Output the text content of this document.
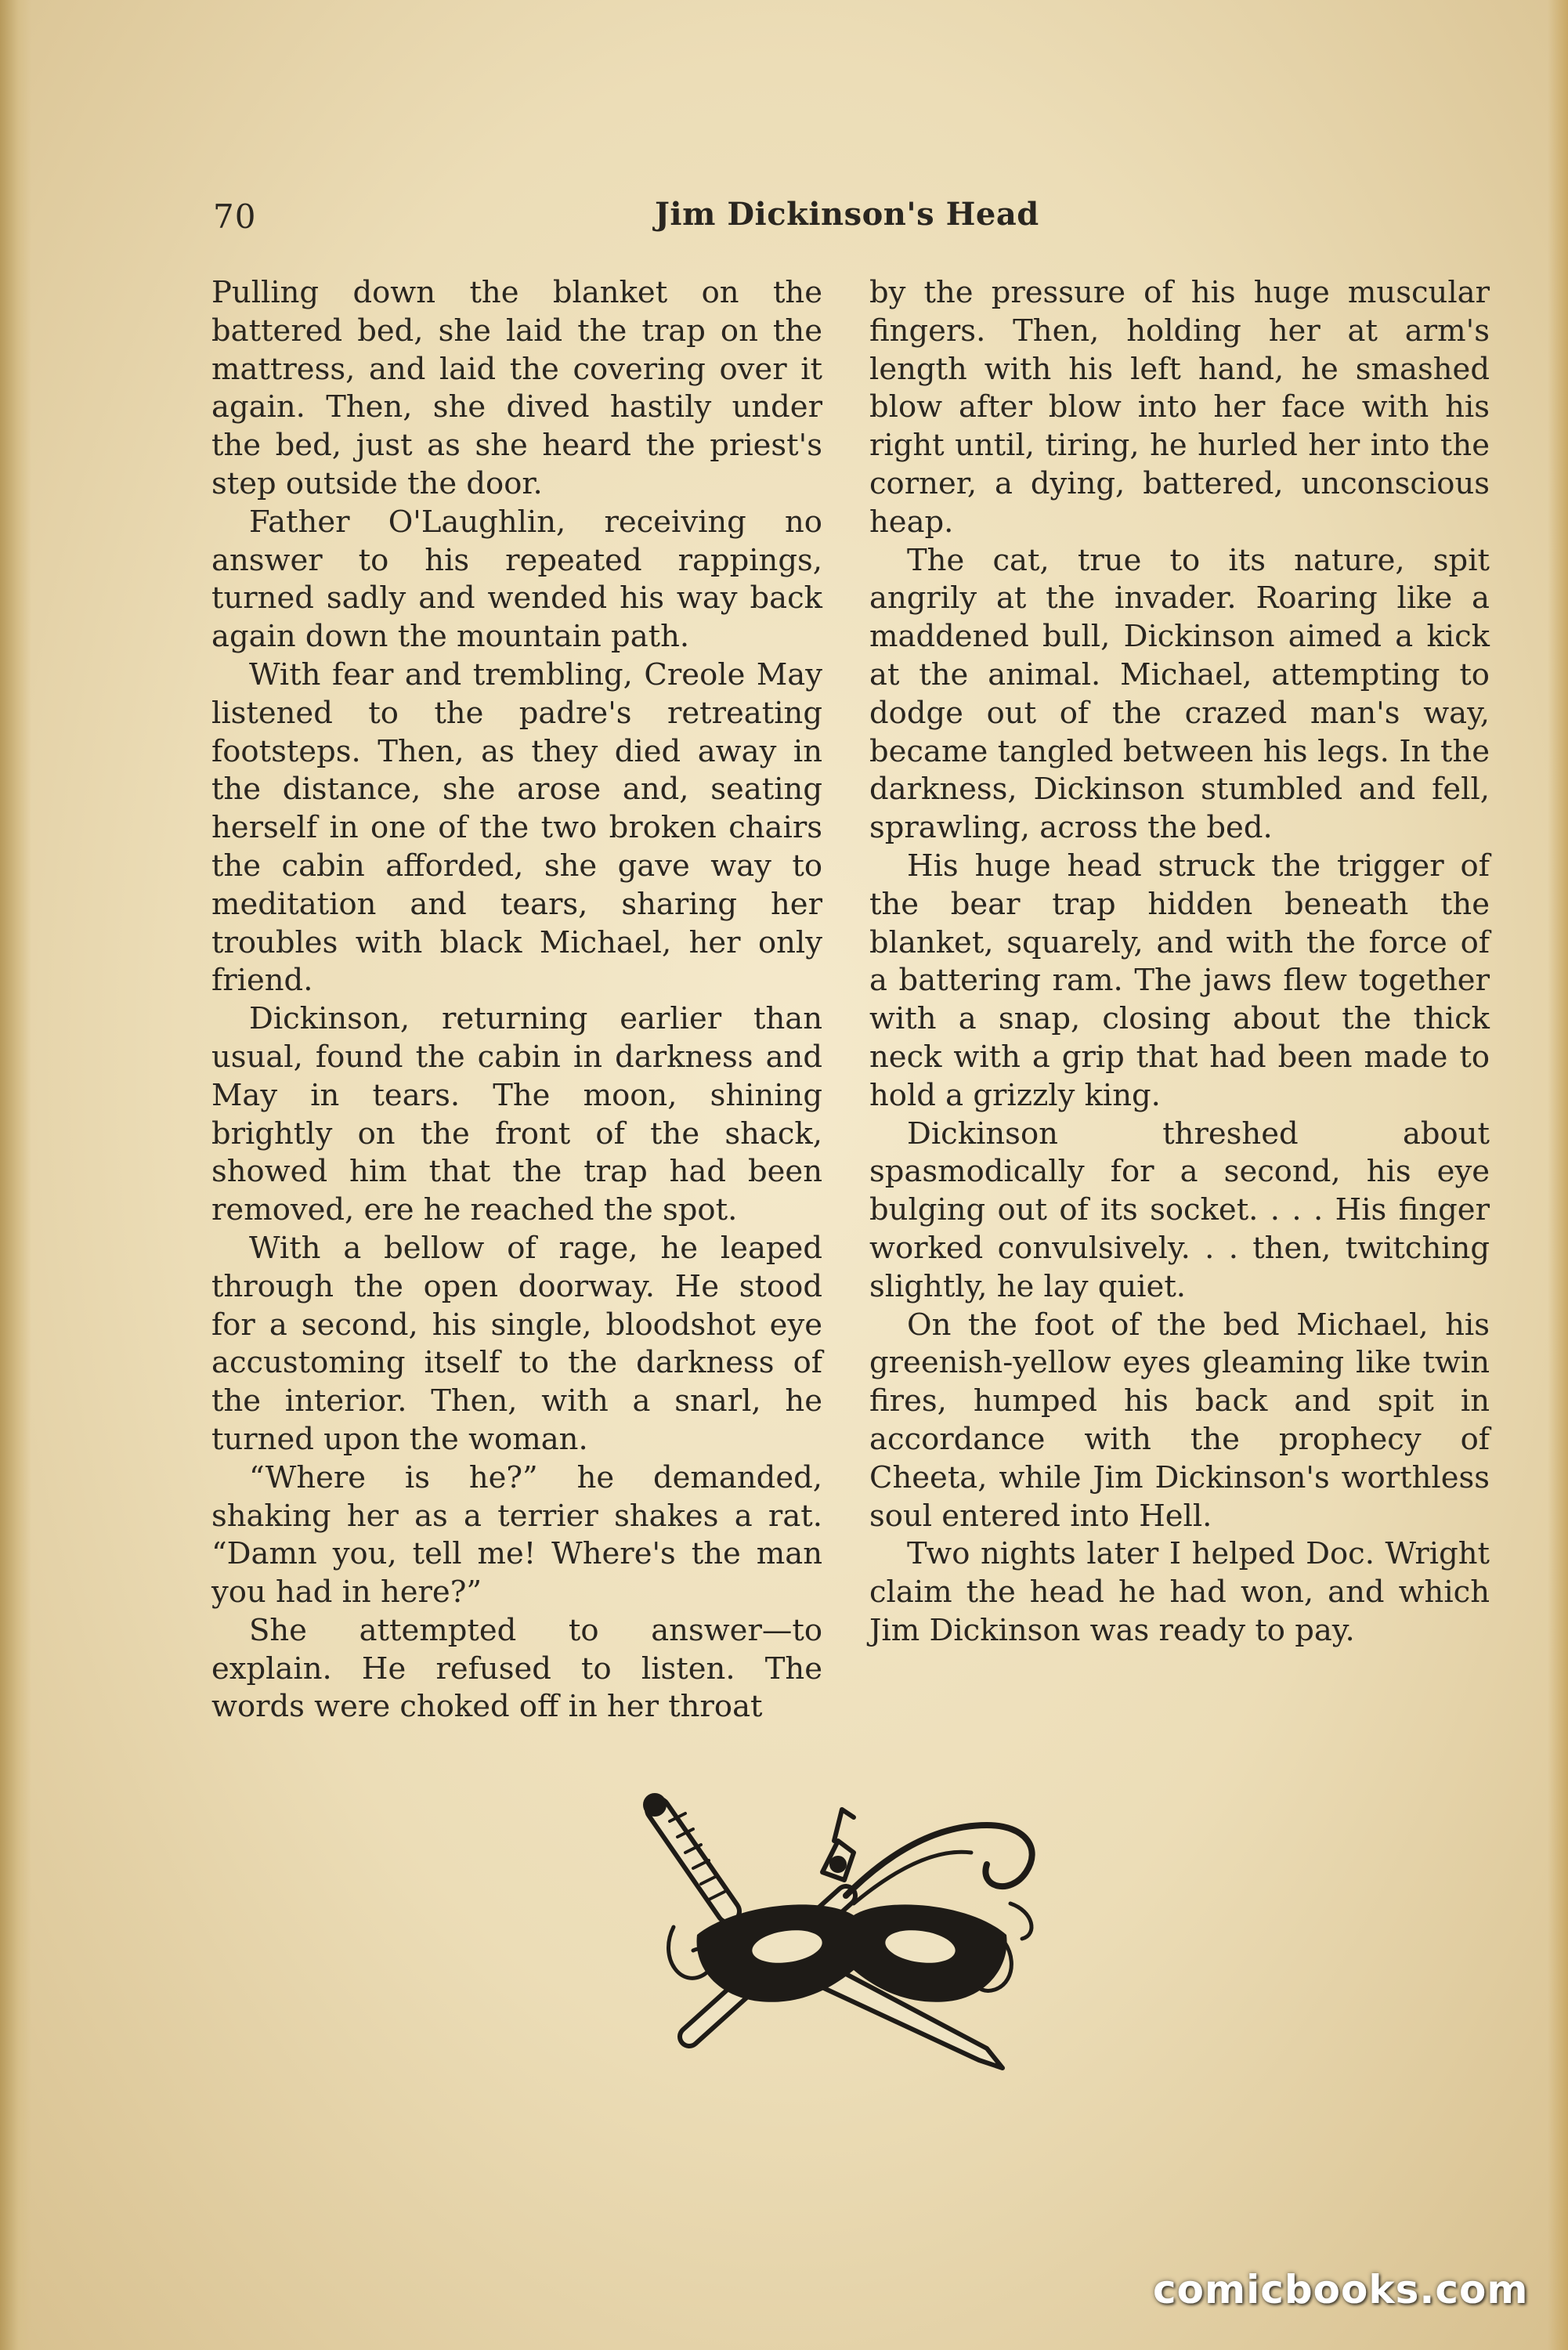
70	Jim Dickinson's Head

Pulling down the blanket on the battered bed, she laid the trap on the mattress, and laid the covering over it again. Then, she dived hastily under the bed, just as she heard the priest's step outside the door.

Father O'Laughlin, receiving no answer to his repeated rappings, turned sadly and wended his way back again down the mountain path.

With fear and trembling, Creole May listened to the padre's retreating footsteps. Then, as they died away in the distance, she arose and, seating herself in one of the two broken chairs the cabin afforded, she gave way to meditation and tears, sharing her troubles with black Michael, her only friend.

Dickinson, returning earlier than usual, found the cabin in darkness and May in tears. The moon, shining brightly on the front of the shack, showed him that the trap had been removed, ere he reached the spot.

With a bellow of rage, he leaped through the open doorway. He stood for a second, his single, bloodshot eye accustoming itself to the darkness of the interior. Then, with a snarl, he turned upon the woman.

“Where is he?” he demanded, shaking her as a terrier shakes a rat. “Damn you, tell me! Where's the man you had in here?”

She attempted to answer—to explain. He refused to listen. The words were choked off in her throat

by the pressure of his huge muscular fingers. Then, holding her at arm's length with his left hand, he smashed blow after blow into her face with his right until, tiring, he hurled her into the corner, a dying, battered, unconscious heap.

The cat, true to its nature, spit angrily at the invader. Roaring like a maddened bull, Dickinson aimed a kick at the animal. Michael, attempting to dodge out of the crazed man's way, became tangled between his legs. In the darkness, Dickinson stumbled and fell, sprawling, across the bed.

His huge head struck the trigger of the bear trap hidden beneath the blanket, squarely, and with the force of a battering ram. The jaws flew together with a snap, closing about the thick neck with a grip that had been made to hold a grizzly king.

Dickinson threshed about spasmodically for a second, his eye bulging out of its socket. . . . His finger worked convulsively. . . then, twitching slightly, he lay quiet.

On the foot of the bed Michael, his greenish-yellow eyes gleaming like twin fires, humped his back and spit in accordance with the prophecy of Cheeta, while Jim Dickinson's worthless soul entered into Hell.

Two nights later I helped Doc. Wright claim the head he had won, and which Jim Dickinson was ready to pay.

comicbooks.com
